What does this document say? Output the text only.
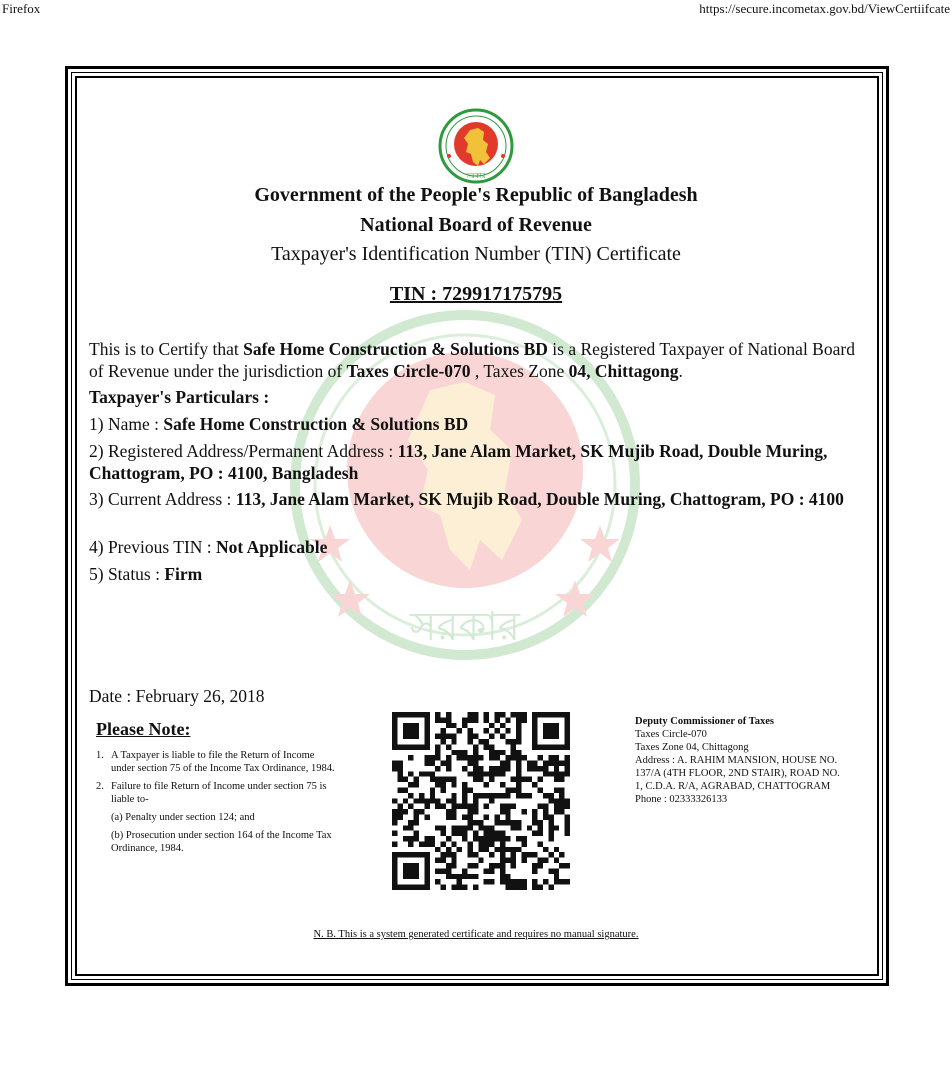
Firefox	https://secure.incometax.gov.bd/ViewCertiifcate
সরকার
সরকার
Government of the People's Republic of Bangladesh
National Board of Revenue
Taxpayer's Identification Number (TIN) Certificate
TIN : 729917175795
This is to Certify that Safe Home Construction & Solutions BD is a Registered Taxpayer of National Board of Revenue under the jurisdiction of Taxes Circle-070 , Taxes Zone 04, Chittagong.
Taxpayer's Particulars :
1) Name : Safe Home Construction & Solutions BD
2) Registered Address/Permanent Address : 113, Jane Alam Market, SK Mujib Road, Double Muring, Chattogram, PO : 4100, Bangladesh
3) Current Address : 113, Jane Alam Market, SK Mujib Road, Double Muring, Chattogram, PO : 4100
4) Previous TIN : Not Applicable
5) Status : Firm
Date : February 26, 2018
Please Note:
1. A Taxpayer is liable to file the Return of Income under section 75 of the Income Tax Ordinance, 1984.
2. Failure to file Return of Income under section 75 is liable to-
(a) Penalty under section 124; and
(b) Prosecution under section 164 of the Income Tax Ordinance, 1984.
Deputy Commissioner of Taxes
Taxes Circle-070
Taxes Zone 04, Chittagong
Address : A. RAHIM MANSION, HOUSE NO. 137/A (4TH FLOOR, 2ND STAIR), ROAD NO. 1, C.D.A. R/A, AGRABAD, CHATTOGRAM Phone : 02333326133
N. B. This is a system generated certificate and requires no manual signature.
